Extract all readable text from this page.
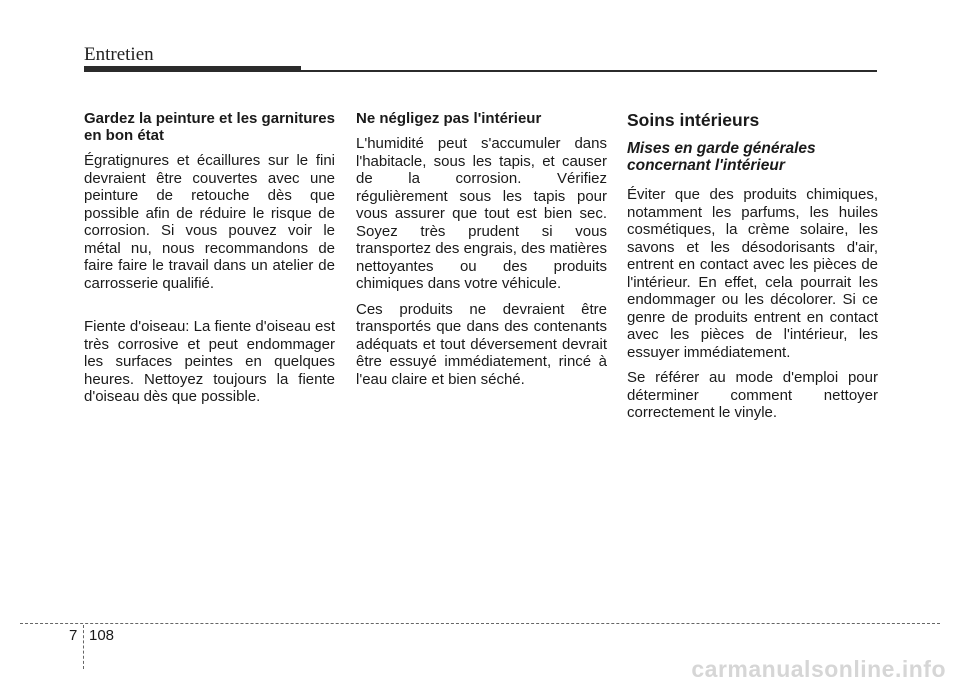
Entretien
Gardez la peinture et les garnitures en bon état

Égratignures et écaillures sur le fini devraient être couvertes avec une peinture de retouche dès que possible afin de réduire le risque de corrosion. Si vous pouvez voir le métal nu, nous recommandons de faire faire le travail dans un atelier de carrosserie qualifié.

Fiente d'oiseau: La fiente d'oiseau est très corrosive et peut endommager les surfaces peintes en quelques heures. Nettoyez toujours la fiente d'oiseau dès que possible.

Ne négligez pas l'intérieur

L'humidité peut s'accumuler dans l'habitacle, sous les tapis, et causer de la corrosion. Vérifiez régulièrement sous les tapis pour vous assurer que tout est bien sec. Soyez très prudent si vous transportez des engrais, des matières nettoyantes ou des produits chimiques dans votre véhicule.

Ces produits ne devraient être transportés que dans des contenants adéquats et tout déversement devrait être essuyé immédiatement, rincé à l'eau claire et bien séché.

Soins intérieurs
Mises en garde générales concernant l'intérieur

Éviter que des produits chimiques, notamment les parfums, les huiles cosmétiques, la crème solaire, les savons et les désodorisants d'air, entrent en contact avec les pièces de l'intérieur. En effet, cela pourrait les endommager ou les décolorer. Si ce genre de produits entrent en contact avec les pièces de l'intérieur, les essuyer immédiatement.

Se référer au mode d'emploi pour déterminer comment nettoyer correctement le vinyle.

7 108
carmanualsonline.info
